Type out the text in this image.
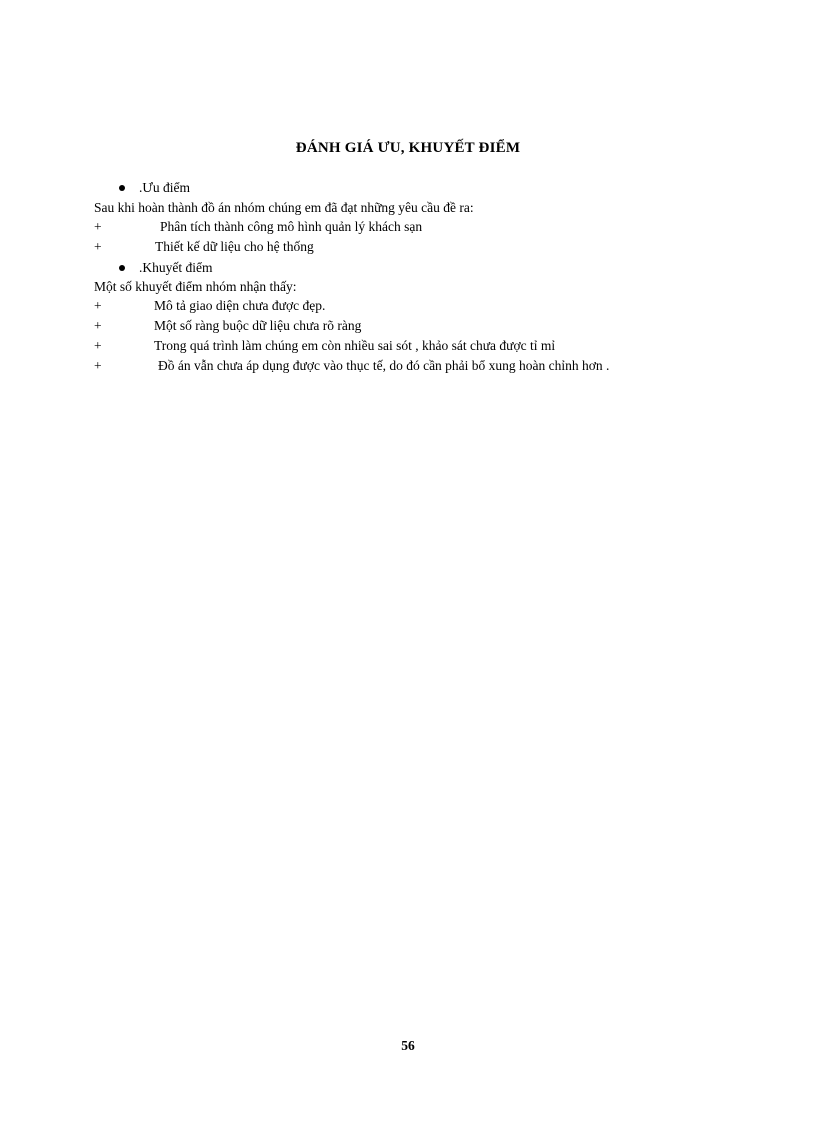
ĐÁNH GIÁ ƯU, KHUYẾT ĐIỂM
.Ưu điểm
Sau khi hoàn thành đồ án nhóm chúng em đã đạt những yêu cầu đề ra:
+	Phân tích thành công mô hình quản lý khách sạn
+	Thiết kế dữ liệu cho hệ thống
.Khuyết điểm
Một số khuyết điểm nhóm nhận thấy:
+	Mô tả giao diện chưa được đẹp.
+	Một số ràng buộc dữ liệu chưa rõ ràng
+	Trong quá trình làm chúng em còn nhiều sai sót , khảo sát chưa được tỉ mỉ
+	Đồ án vẫn chưa áp dụng được vào thục tế, do đó cần phải bổ xung hoàn chỉnh hơn .
56
